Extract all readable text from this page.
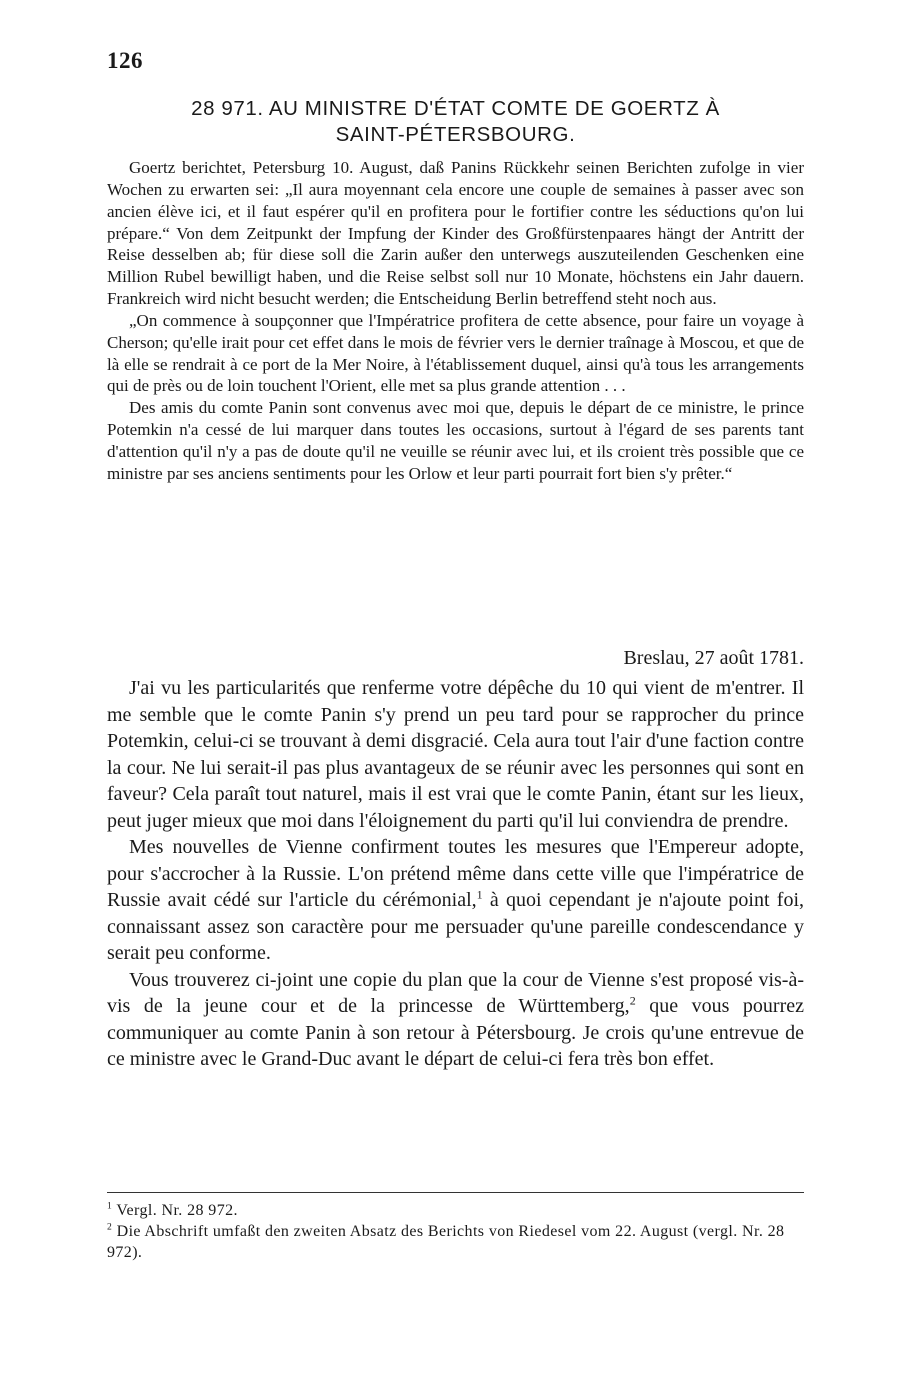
126
28 971. AU MINISTRE D'ÉTAT COMTE DE GOERTZ À
SAINT-PÉTERSBOURG.

Goertz berichtet, Petersburg 10. August, daß Panins Rückkehr seinen Berichten zufolge in vier Wochen zu erwarten sei: „Il aura moyennant cela encore une couple de semaines à passer avec son ancien élève ici, et il faut espérer qu'il en profitera pour le fortifier contre les séductions qu'on lui prépare.“ Von dem Zeitpunkt der Impfung der Kinder des Großfürstenpaares hängt der Antritt der Reise desselben ab; für diese soll die Zarin außer den unterwegs auszuteilenden Geschenken eine Million Rubel bewilligt haben, und die Reise selbst soll nur 10 Monate, höchstens ein Jahr dauern. Frankreich wird nicht besucht werden; die Entscheidung Berlin betreffend steht noch aus.

„On commence à soupçonner que l'Impératrice profitera de cette absence, pour faire un voyage à Cherson; qu'elle irait pour cet effet dans le mois de février vers le dernier traînage à Moscou, et que de là elle se rendrait à ce port de la Mer Noire, à l'établissement duquel, ainsi qu'à tous les arrangements qui de près ou de loin touchent l'Orient, elle met sa plus grande attention . . .

Des amis du comte Panin sont convenus avec moi que, depuis le départ de ce ministre, le prince Potemkin n'a cessé de lui marquer dans toutes les occasions, surtout à l'égard de ses parents tant d'attention qu'il n'y a pas de doute qu'il ne veuille se réunir avec lui, et ils croient très possible que ce ministre par ses anciens sentiments pour les Orlow et leur parti pourrait fort bien s'y prêter.“

Breslau, 27 août 1781.

J'ai vu les particularités que renferme votre dépêche du 10 qui vient de m'entrer. Il me semble que le comte Panin s'y prend un peu tard pour se rapprocher du prince Potemkin, celui-ci se trouvant à demi disgracié. Cela aura tout l'air d'une faction contre la cour. Ne lui serait-il pas plus avantageux de se réunir avec les personnes qui sont en faveur? Cela paraît tout naturel, mais il est vrai que le comte Panin, étant sur les lieux, peut juger mieux que moi dans l'éloignement du parti qu'il lui conviendra de prendre.

Mes nouvelles de Vienne confirment toutes les mesures que l'Empereur adopte, pour s'accrocher à la Russie. L'on prétend même dans cette ville que l'impératrice de Russie avait cédé sur l'article du cérémonial,$^1$ à quoi cependant je n'ajoute point foi, connaissant assez son caractère pour me persuader qu'une pareille condescendance y serait peu conforme.

Vous trouverez ci-joint une copie du plan que la cour de Vienne s'est proposé vis-à-vis de la jeune cour et de la princesse de Württemberg,$^2$ que vous pourrez communiquer au comte Panin à son retour à Pétersbourg. Je crois qu'une entrevue de ce ministre avec le Grand-Duc avant le départ de celui-ci fera très bon effet.

$^1$ Vergl. Nr. 28 972.

$^2$ Die Abschrift umfaßt den zweiten Absatz des Berichts von Riedesel vom 22. August (vergl. Nr. 28 972).
